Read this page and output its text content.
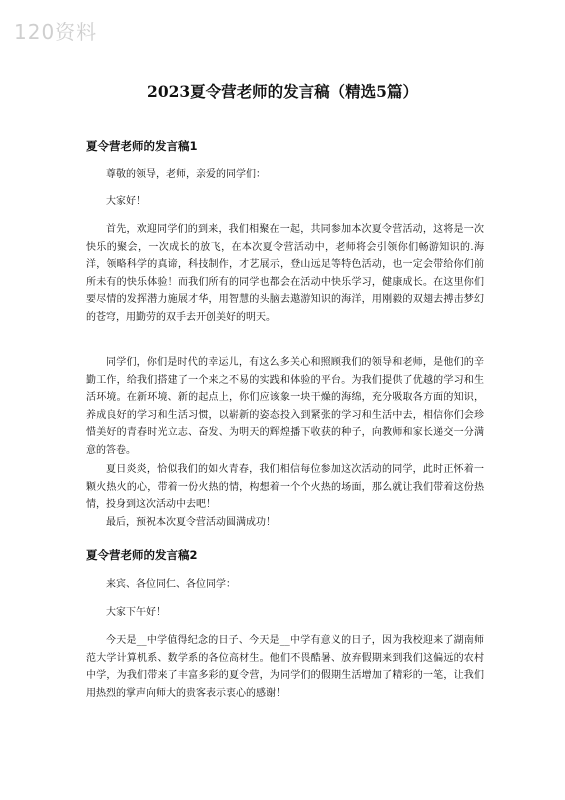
120资料
2023夏令营老师的发言稿（精选5篇）
夏令营老师的发言稿1

尊敬的领导，老师，亲爱的同学们：

大家好！

首先，欢迎同学们的到来，我们相聚在一起，共同参加本次夏令营活动，这将是一次快乐的聚会，一次成长的放飞，在本次夏令营活动中，老师将会引领你们畅游知识的.海洋，领略科学的真谛，科技制作，才艺展示，登山远足等特色活动，也一定会带给你们前所未有的快乐体验！而我们所有的同学也都会在活动中快乐学习，健康成长。在这里你们要尽情的发挥潜力施展才华，用智慧的头脑去遨游知识的海洋，用刚毅的双翅去搏击梦幻的苍穹，用勤劳的双手去开创美好的明天。

同学们，你们是时代的幸运儿，有这么多关心和照顾我们的领导和老师，是他们的辛勤工作，给我们搭建了一个来之不易的实践和体验的平台。为我们提供了优越的学习和生活环境。在新环境、新的起点上，你们应该象一块干燥的海绵，充分吸取各方面的知识，养成良好的学习和生活习惯，以崭新的姿态投入到紧张的学习和生活中去，相信你们会珍惜美好的青春时光立志、奋发、为明天的辉煌播下收获的种子，向教师和家长递交一分满意的答卷。

夏日炎炎，恰似我们的如火青春，我们相信每位参加这次活动的同学，此时正怀着一颗火热火的心，带着一份火热的情，构想着一个个火热的场面，那么就让我们带着这份热情，投身到这次活动中去吧！

最后，预祝本次夏令营活动圆满成功！

夏令营老师的发言稿2

来宾、各位同仁、各位同学：

大家下午好！

今天是__中学值得纪念的日子、今天是__中学有意义的日子，因为我校迎来了湖南师范大学计算机系、数学系的各位高材生。他们不畏酷暑、放弃假期来到我们这偏远的农村中学，为我们带来了丰富多彩的夏令营，为同学们的假期生活增加了精彩的一笔，让我们用热烈的掌声向师大的贵客表示衷心的感谢！
